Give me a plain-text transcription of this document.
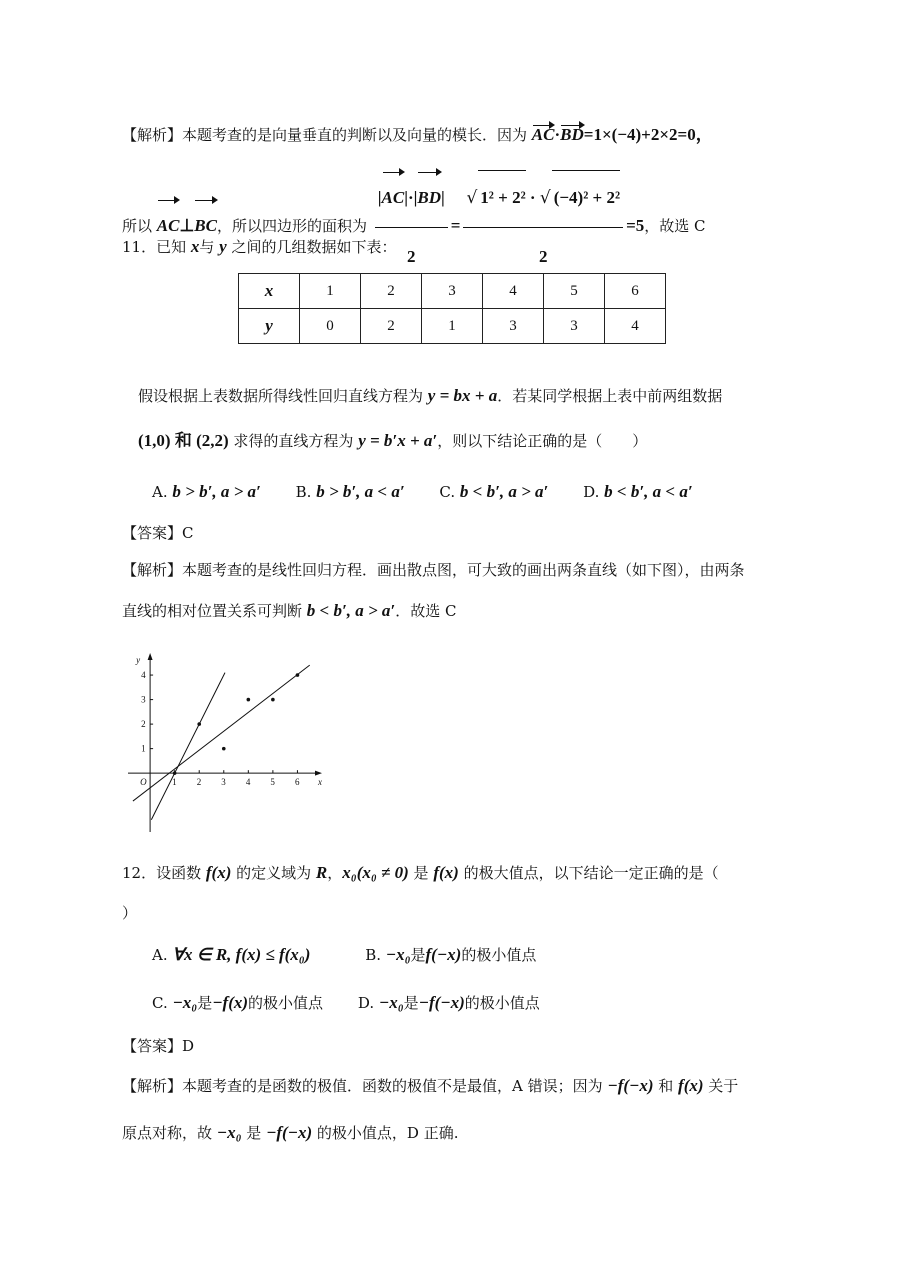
【解析】本题考查的是向量垂直的判断以及向量的模长．因为 AC·BD=1×(−4)+2×2=0，
所以 AC⊥BC，所以四边形的面积为 $\frac{|AC|\cdot|BD|}{2} = \frac{\text{√ 1² + 2² · √ (−4)² + 2²}}{2} =5$，故选 C
11．已知 x与 y 之间的几组数据如下表：
x	1	2	3	4	5	6
y	0	2	1	3	3	4
假设根据上表数据所得线性回归直线方程为 y = bx + a．若某同学根据上表中前两组数据
(1,0) 和 (2,2) 求得的直线方程为 y = b′x + a′，则以下结论正确的是（　　）
A. b > b′, a > a′ B. b > b′, a < a′ C. b < b′, a > a′ D. b < b′, a < a′
【答案】C
【解析】本题考查的是线性回归方程．画出散点图，可大致的画出两条直线（如下图），由两条
直线的相对位置关系可判断 b < b′, a > a′．故选 C
x
y
O	1 2 3 4 5 6
1
2
3
4
12．设函数 f(x) 的定义域为 R，x₀(x₀ ≠ 0) 是 f(x) 的极大值点，以下结论一定正确的是（
）
A. ∀x ∈ R, f(x) ≤ f(x₀)	B. −x₀是f(−x)的极小值点
C. −x₀是−f(x)的极小值点 D. −x₀是−f(−x)的极小值点
【答案】D
【解析】本题考查的是函数的极值．函数的极值不是最值，A 错误；因为 −f(−x) 和 f(x) 关于
原点对称，故 −x₀ 是 −f(−x) 的极小值点，D 正确.
